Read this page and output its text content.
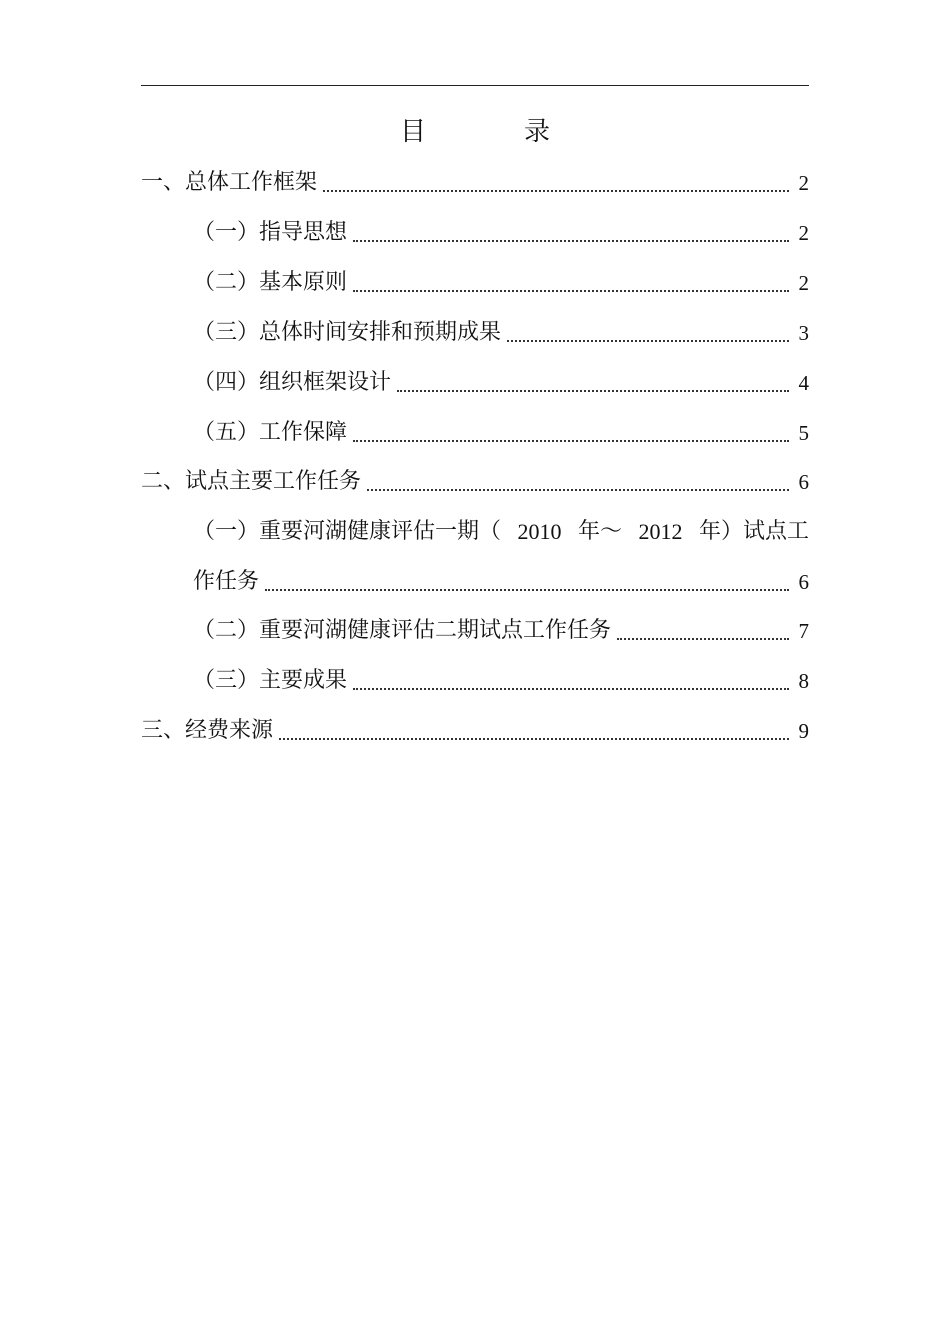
目　录
一、总体工作框架	2
（一）指导思想	2
（二）基本原则	2
（三）总体时间安排和预期成果	3
（四）组织框架设计	4
（五）工作保障	5
二、试点主要工作任务	6
（一）重要河湖健康评估一期（ 2010 年～ 2012 年）试点工
作任务	6
（二）重要河湖健康评估二期试点工作任务	7
（三）主要成果	8
三、经费来源	9
